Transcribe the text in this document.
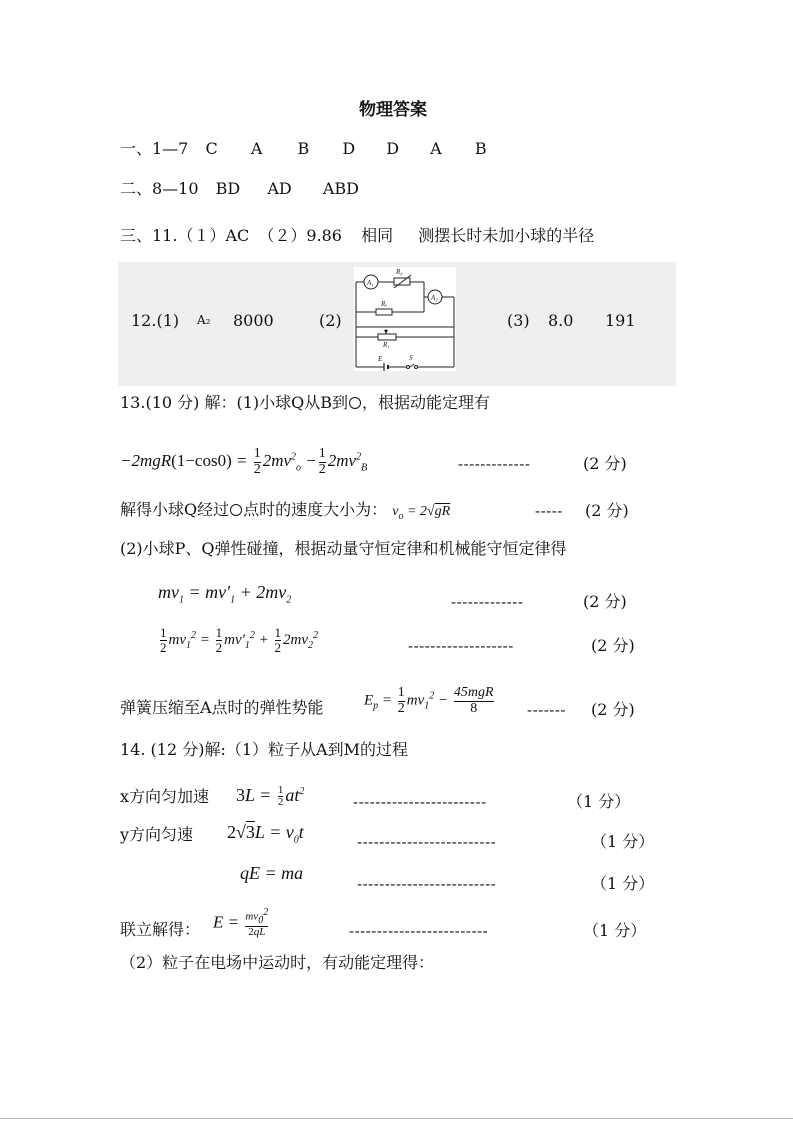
物理答案
一、1—7 C A B D D A B
二、8—10 BD AD ABD
三、11.（１）AC （２）9.86 相同 测摆长时未加小球的半径
12.(1) A₂ 8000	(2)
A₁
A₂
R₀
Rₓ
R₁
E	S
(3) 8.0 191
13.(10 分) 解：(1)小球Q从B到 ，根据动能定理有
$-2mgR(1-\cos 0) = \frac{1}{2} 2mv^2_o - \frac{1}{2} 2mv^2_B$	-------------	(2 分)
解得小球Q经过 点时的速度大小为： $v_o = 2√gR$	----- (2 分)
(2)小球P、Q弹性碰撞，根据动量守恒定律和机械能守恒定律得
$mv_1 = mv'_1 + 2mv_2$	-------------	(2 分)
$\frac{1}{2} mv_1^2 = \frac{1}{2} mv'_1^2 + \frac{1}{2} 2mv_2^2$
-------------------	(2 分)
弹簧压缩至A点时的弹性势能	$E_p = \frac{1}{2} mv_1^2 - \frac{\text{45mgR}}{8}$ ------- (2 分)
14. (12 分)解:（1）粒子从A到M的过程
x方向匀加速 $3L = \frac{1}{2} at^2$
------------------------	（1 分）
y方向匀速 $2√3L = v_0t$	-------------------------	（1 分）
qE = ma
-------------------------	（1 分）
联立解得： $E = \frac{mv_0^2}{2qL}$	-------------------------	（1 分）
（2）粒子在电场中运动时，有动能定理得：
